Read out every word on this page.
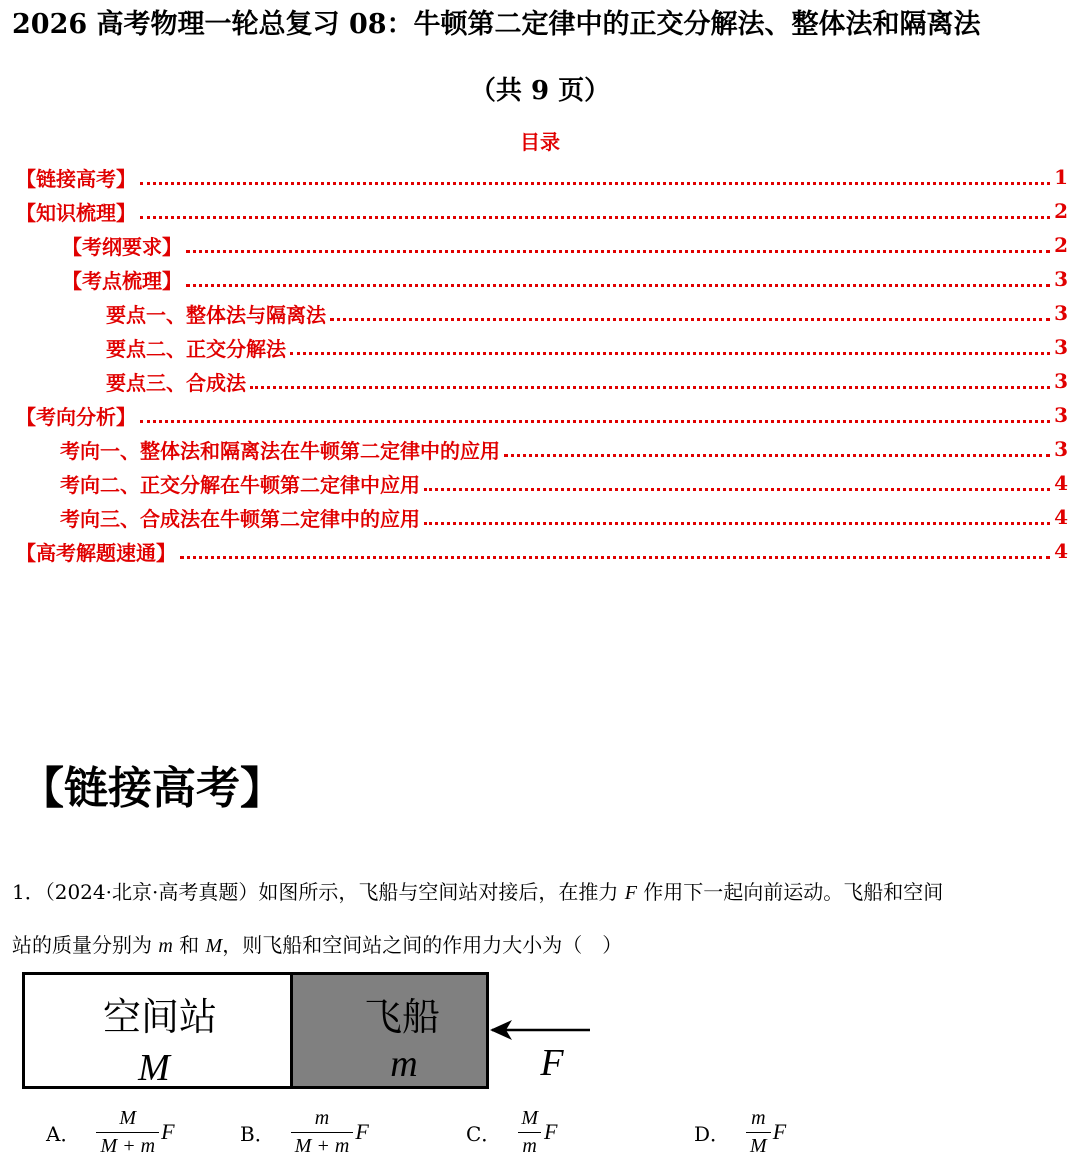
2026 高考物理一轮总复习 08：牛顿第二定律中的正交分解法、整体法和隔离法
（共 9 页）
目录
【链接高考】	1
【知识梳理】	2
【考纲要求】	2
【考点梳理】	3
要点一、整体法与隔离法	3
要点二、正交分解法	3
要点三、合成法	3
【考向分析】	3
考向一、整体法和隔离法在牛顿第二定律中的应用	3
考向二、正交分解在牛顿第二定律中应用	4
考向三、合成法在牛顿第二定律中的应用	4
【高考解题速通】	4
【链接高考】
1．（2024·北京·高考真题）如图所示，飞船与空间站对接后，在推力 F 作用下一起向前运动。飞船和空间
站的质量分别为 m 和 M，则飞船和空间站之间的作用力大小为（　）
空间站
M
飞船
m	F
A． $\frac{M}{M + m}$ F	B． $\frac{m}{M + m}$ F	C． $\frac{M}{m}$ F	D． $\frac{m}{M}$ F
